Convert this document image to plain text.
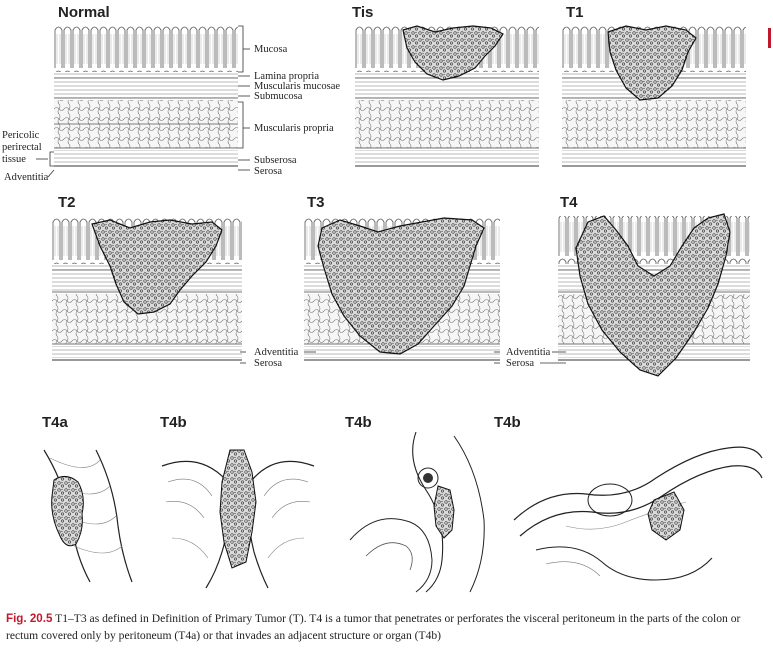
Normal	Tis	T1
Mucosa
Lamina propria
Muscularis mucosae
Submucosa
Muscularis propria
Subserosa
Serosa
Pericolic
perirectal
tissue
Adventitia
T2	T3	T4
Adventitia
Serosa
Adventitia
Serosa
T4a	T4b	T4b	T4b
Fig. 20.5 T1–T3 as defined in Definition of Primary Tumor (T). T4 is a tumor that penetrates or perforates the visceral peritoneum in the parts of the colon or rectum covered only by peritoneum (T4a) or that invades an adjacent structure or organ (T4b)
